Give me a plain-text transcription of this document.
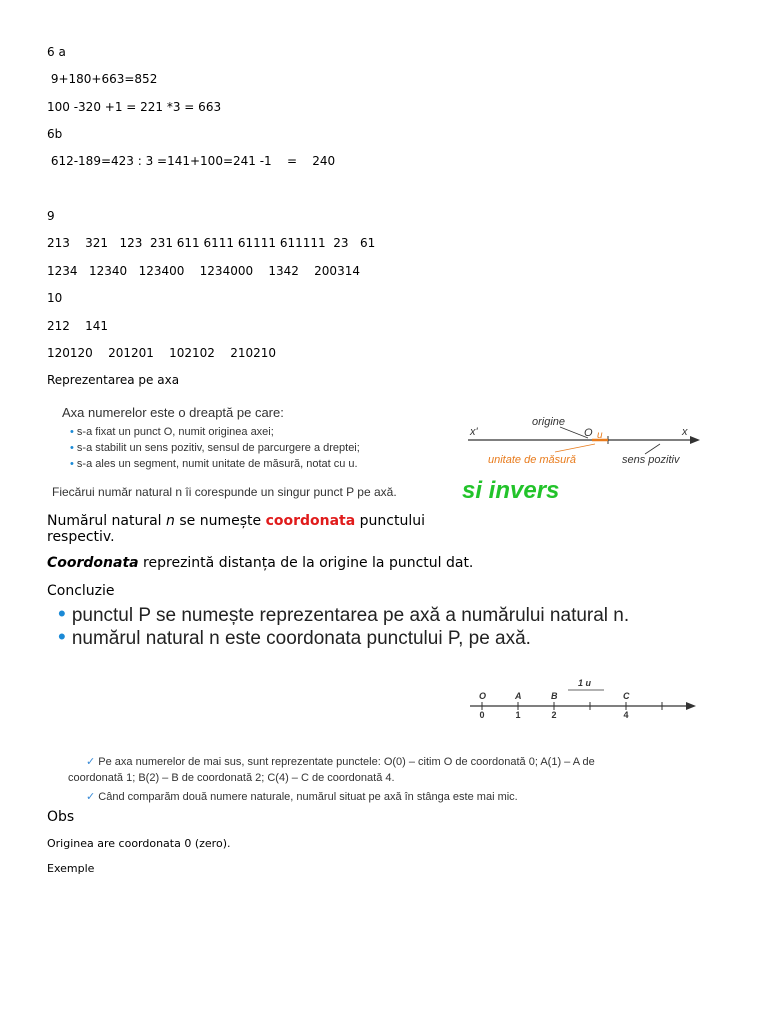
6 a
9+180+663=852
100 -320 +1 = 221 *3 = 663
6b
612-189=423 : 3 =141+100=241 -1    =    240
9
213    321   123  231 611 6111 61111 611111  23   61
1234   12340   123400    1234000    1342    200314
10
212    141
120120    201201    102102    210210
Reprezentarea pe axa
Axa numerelor este o dreaptă pe care:
• s-a fixat un punct O, numit originea axei;
• s-a stabilit un sens pozitiv, sensul de parcurgere a dreptei;
• s-a ales un segment, numit unitate de măsură, notat cu u.
Fiecărui număr natural n îi corespunde un singur punct P pe axă.
x'	x
origine
O u
unitate de măsură	sens pozitiv
si invers
Numărul natural n se numește coordonata punctului
respectiv.
Coordonata reprezintă distanța de la origine la punctul dat.
Concluzie
• punctul P se numește reprezentarea pe axă a numărului natural n.
• numărul natural n este coordonata punctului P, pe axă.
1 u
O
0
A
1
B
2
C
4
✓ Pe axa numerelor de mai sus, sunt reprezentate punctele: O(0) – citim O de coordonată 0; A(1) – A de
coordonată 1; B(2) – B de coordonată 2; C(4) – C de coordonată 4.
✓ Când comparăm două numere naturale, numărul situat pe axă în stânga este mai mic.
Obs
Originea are coordonata 0 (zero).
Exemple
